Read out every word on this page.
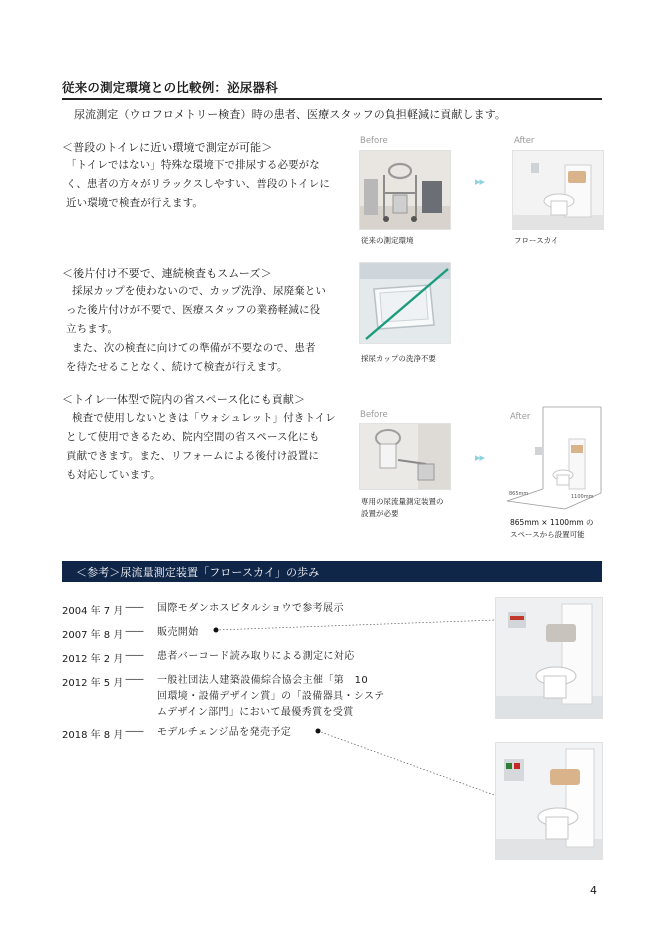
従来の測定環境との比較例：泌尿器科
尿流測定（ウロフロメトリー検査）時の患者、医療スタッフの負担軽減に貢献します。
＜普段のトイレに近い環境で測定が可能＞
「トイレではない」特殊な環境下で排尿する必要がな
く、患者の方々がリラックスしやすい、普段のトイレに
近い環境で検査が行えます。
Before	After
▸▸
従来の測定環境	フロースカイ
＜後片付け不要で、連続検査もスムーズ＞
採尿カップを使わないので、カップ洗浄、尿廃棄とい
った後片付けが不要で、医療スタッフの業務軽減に役
立ちます。
また、次の検査に向けての準備が不要なので、患者
を待たせることなく、続けて検査が行えます。
採尿カップの洗浄不要
＜トイレ一体型で院内の省スペース化にも貢献＞
検査で使用しないときは「ウォシュレット」付きトイレ
として使用できるため、院内空間の省スペース化にも
貢献できます。また、リフォームによる後付け設置に
も対応しています。
Before	After
▸▸
865mm	1100mm
専用の尿流量測定装置の
設置が必要
865mm × 1100mm の
スペースから設置可能
＜参考＞尿流量測定装置「フロースカイ」の歩み
2004 年 7 月 —— 国際モダンホスピタルショウで参考展示
2007 年 8 月 —— 販売開始
2012 年 2 月 —— 患者バーコード読み取りによる測定に対応
2012 年 5 月 —— 一般社団法人建築設備綜合協会主催「第　10
回環境・設備デザイン賞」の「設備器具・システ
ムデザイン部門」において最優秀賞を受賞
2018 年 8 月 —— モデルチェンジ品を発売予定
4
